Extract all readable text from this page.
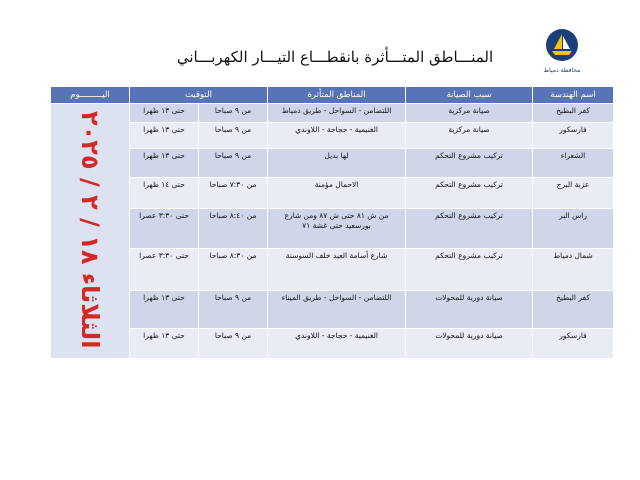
المنـــاطق المتـــأثرة بانقطـــاع التيـــار الكهربـــاني
محافظة دمياط
اسم الهندسة	سبب الصيانة	المناطق المتأثرة	التوقيت		اليـــــــــوم
كفر البطيخ	صيانة مركزية	اللتضامن - السواحل - طريق دمياط	من ٩ صباحا	حتى ١٣ ظهرا	الثلاثاء ١٨ / ٢ / ٢٠٢٥
فارسكور	صيانة مركزية	الغنيمية - حجاجة - اللاوندي	من ٩ صباحا	حتى ١٣ ظهرا	
الشعراء	تركيب مشروع التحكم	لها بديل	من ٩ صباحا	حتى ١٣ ظهرا	
عزبة البرج	تركيب مشروع التحكم	الاحمال مؤمنة	من ٧:٣٠ صباحا	حتى ١٤ ظهرا	
راس البر	تركيب مشروع التحكم	من ش ٨١ حتى ش ٨٧ ومن شارع بورسعيد حتى غشة ٧١	من ٨:٤٠ صباحا	حتى ٣:٣٠ عصرا	
شمال دمياط	تركيب مشروع التحكم	شارع أسامة العيد خلف السوسنة	من ٨:٣٠ صباحا	حتى ٣:٣٠ عصرا	
كفر البطيخ	صيانة دورية للمحولات	اللتضامن - السواحل - طريق الميناء	من ٩ صباحا	حتى ١٣ ظهرا	
فارسكور	صيانة دورية للمحولات	الغنيمية - حجاجة - اللاوندي	من ٩ صباحا	حتى ١٣ ظهرا	
